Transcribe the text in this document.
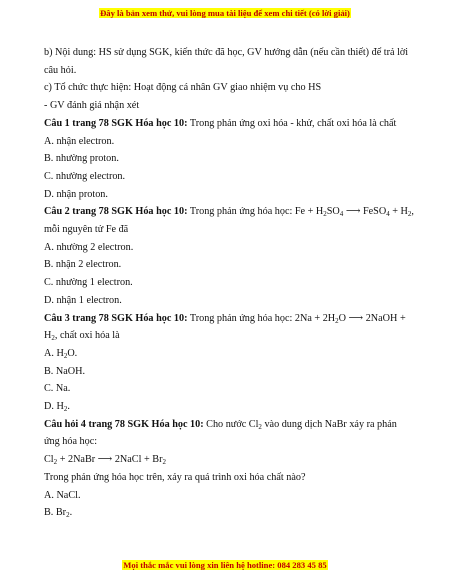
Đây là bản xem thử, vui lòng mua tài liệu để xem chi tiết (có lời giải)

b) Nội dung: HS sử dụng SGK, kiến thức đã học, GV hướng dẫn (nếu cần thiết) để trả lời câu hỏi.

c) Tổ chức thực hiện: Hoạt động cá nhân GV giao nhiệm vụ cho HS

- GV đánh giá nhận xét

Câu 1 trang 78 SGK Hóa học 10: Trong phản ứng oxi hóa - khử, chất oxi hóa là chất

A. nhận electron.

B. nhường proton.

C. nhường electron.

D. nhận proton.

Câu 2 trang 78 SGK Hóa học 10: Trong phản ứng hóa học: $Fe + H_2SO_4$ ⟶ FeSO$_4$ + $H_2$, mỗi nguyên tử Fe đã

A. nhường 2 electron.

B. nhận 2 electron.

C. nhường 1 electron.

D. nhận 1 electron.

Câu 3 trang 78 SGK Hóa học 10: Trong phản ứng hóa học: $2Na + 2H_2O$ ⟶ 2NaOH + $H_2$, chất oxi hóa là

A. $H_2O$.

B. NaOH.

C. Na.

D. $H_2$.

Câu hỏi 4 trang 78 SGK Hóa học 10: Cho nước $Cl_2$ vào dung dịch NaBr xảy ra phản ứng hóa học:

$Cl_2$ + 2NaBr ⟶ 2NaCl + $Br_2$

Trong phản ứng hóa học trên, xảy ra quá trình oxi hóa chất nào?

A. NaCl.

B. $Br_2$.

Mọi thắc mắc vui lòng xin liên hệ hotline: 084 283 45 85
